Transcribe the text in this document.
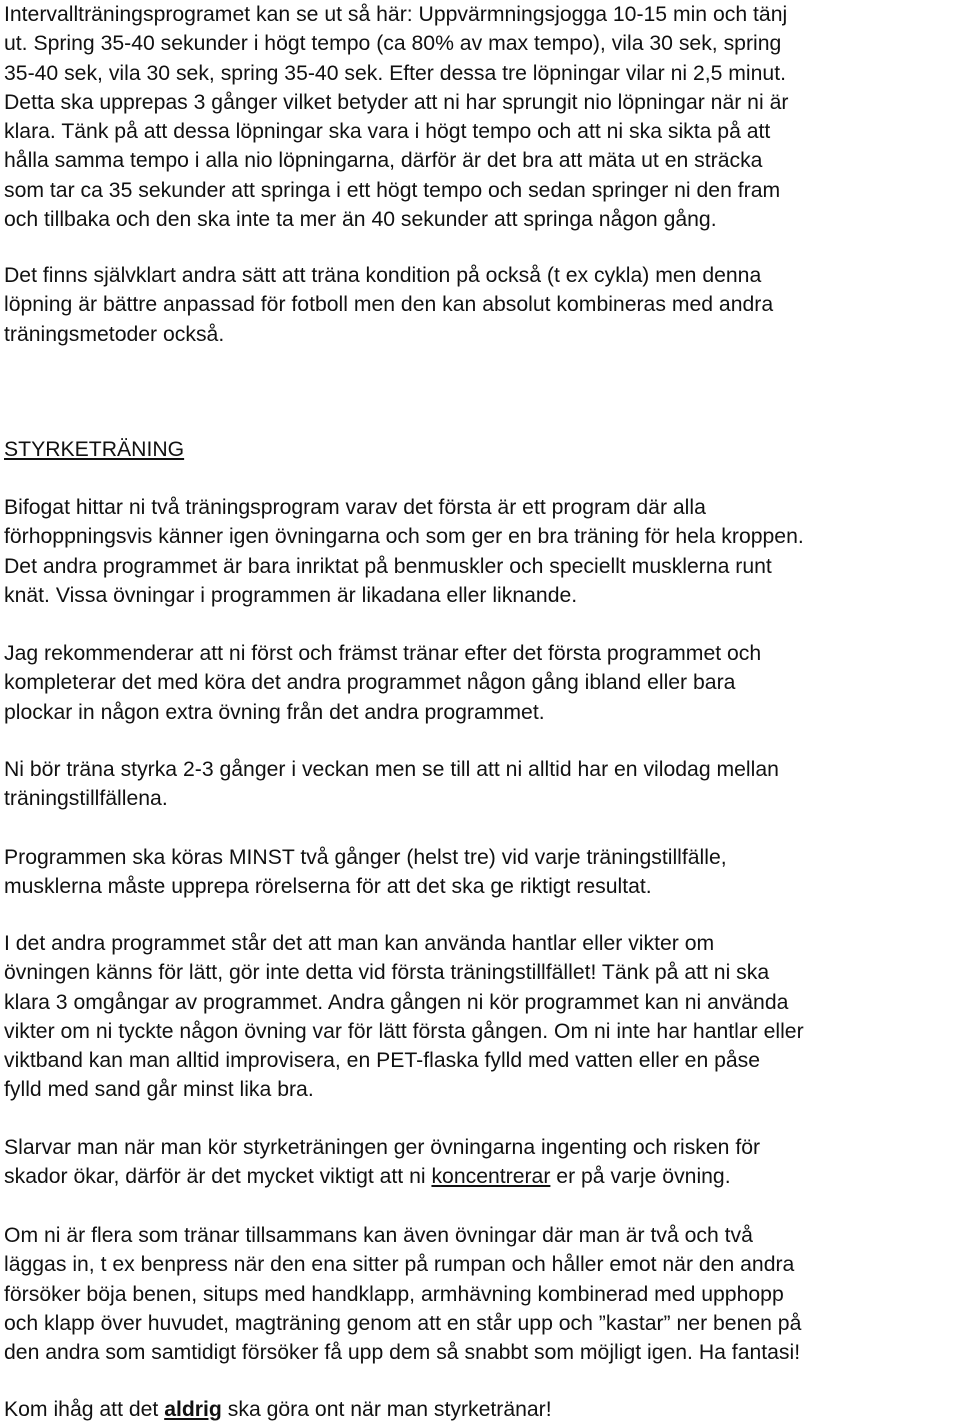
Intervallträningsprogramet kan se ut så här: Uppvärmningsjogga 10-15 min och tänj
ut. Spring 35-40 sekunder i högt tempo (ca 80% av max tempo), vila 30 sek, spring
35-40 sek, vila 30 sek, spring 35-40 sek. Efter dessa tre löpningar vilar ni 2,5 minut.
Detta ska upprepas 3 gånger vilket betyder att ni har sprungit nio löpningar när ni är
klara. Tänk på att dessa löpningar ska vara i högt tempo och att ni ska sikta på att
hålla samma tempo i alla nio löpningarna, därför är det bra att mäta ut en sträcka
som tar ca 35 sekunder att springa i ett högt tempo och sedan springer ni den fram
och tillbaka och den ska inte ta mer än 40 sekunder att springa någon gång.

Det finns självklart andra sätt att träna kondition på också (t ex cykla) men denna
löpning är bättre anpassad för fotboll men den kan absolut kombineras med andra
träningsmetoder också.

STYRKETRÄNING

Bifogat hittar ni två träningsprogram varav det första är ett program där alla
förhoppningsvis känner igen övningarna och som ger en bra träning för hela kroppen.
Det andra programmet är bara inriktat på benmuskler och speciellt musklerna runt
knät. Vissa övningar i programmen är likadana eller liknande.

Jag rekommenderar att ni först och främst tränar efter det första programmet och
kompleterar det med köra det andra programmet någon gång ibland eller bara
plockar in någon extra övning från det andra programmet.

Ni bör träna styrka 2-3 gånger i veckan men se till att ni alltid har en vilodag mellan
träningstillfällena.

Programmen ska köras MINST två gånger (helst tre) vid varje träningstillfälle,
musklerna måste upprepa rörelserna för att det ska ge riktigt resultat.

I det andra programmet står det att man kan använda hantlar eller vikter om
övningen känns för lätt, gör inte detta vid första träningstillfället! Tänk på att ni ska
klara 3 omgångar av programmet. Andra gången ni kör programmet kan ni använda
vikter om ni tyckte någon övning var för lätt första gången. Om ni inte har hantlar eller
viktband kan man alltid improvisera, en PET-flaska fylld med vatten eller en påse
fylld med sand går minst lika bra.

Slarvar man när man kör styrketräningen ger övningarna ingenting och risken för
skador ökar, därför är det mycket viktigt att ni koncentrerar er på varje övning.

Om ni är flera som tränar tillsammans kan även övningar där man är två och två
läggas in, t ex benpress när den ena sitter på rumpan och håller emot när den andra
försöker böja benen, situps med handklapp, armhävning kombinerad med upphopp
och klapp över huvudet, magträning genom att en står upp och ”kastar” ner benen på
den andra som samtidigt försöker få upp dem så snabbt som möjligt igen. Ha fantasi!

Kom ihåg att det aldrig ska göra ont när man styrketränar!
